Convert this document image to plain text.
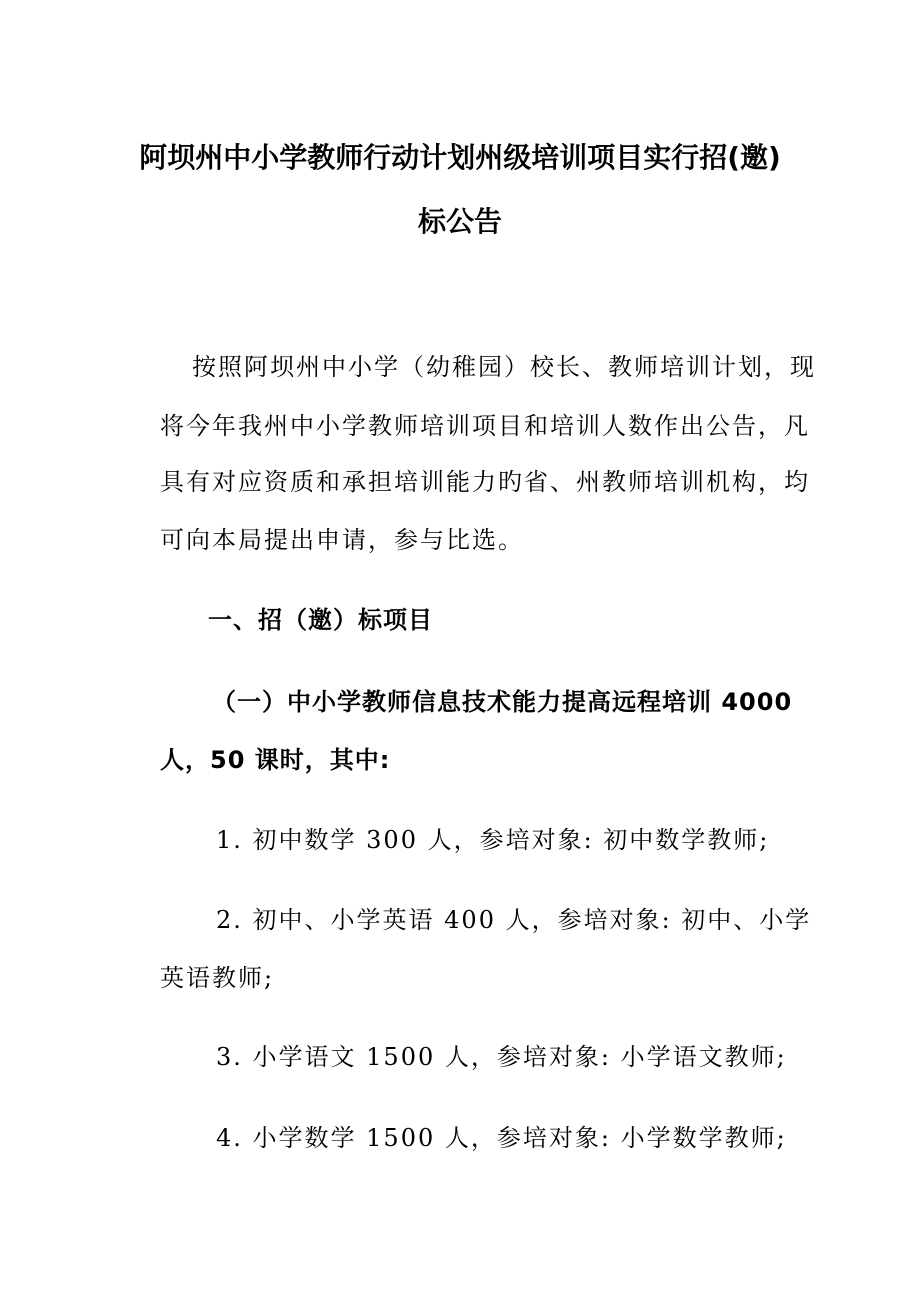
阿坝州中小学教师行动计划州级培训项目实行招(邀)
标公告
按照阿坝州中小学（幼稚园）校长、教师培训计划，现
将今年我州中小学教师培训项目和培训人数作出公告，凡
具有对应资质和承担培训能力旳省、州教师培训机构，均
可向本局提出申请，参与比选。
一、招（邀）标项目
（一）中小学教师信息技术能力提高远程培训 4000
人，50 课时，其中:
1. 初中数学 300 人，参培对象: 初中数学教师;
2. 初中、小学英语 400 人，参培对象: 初中、小学
英语教师;
3. 小学语文 1500 人，参培对象: 小学语文教师;
4. 小学数学 1500 人，参培对象: 小学数学教师;
